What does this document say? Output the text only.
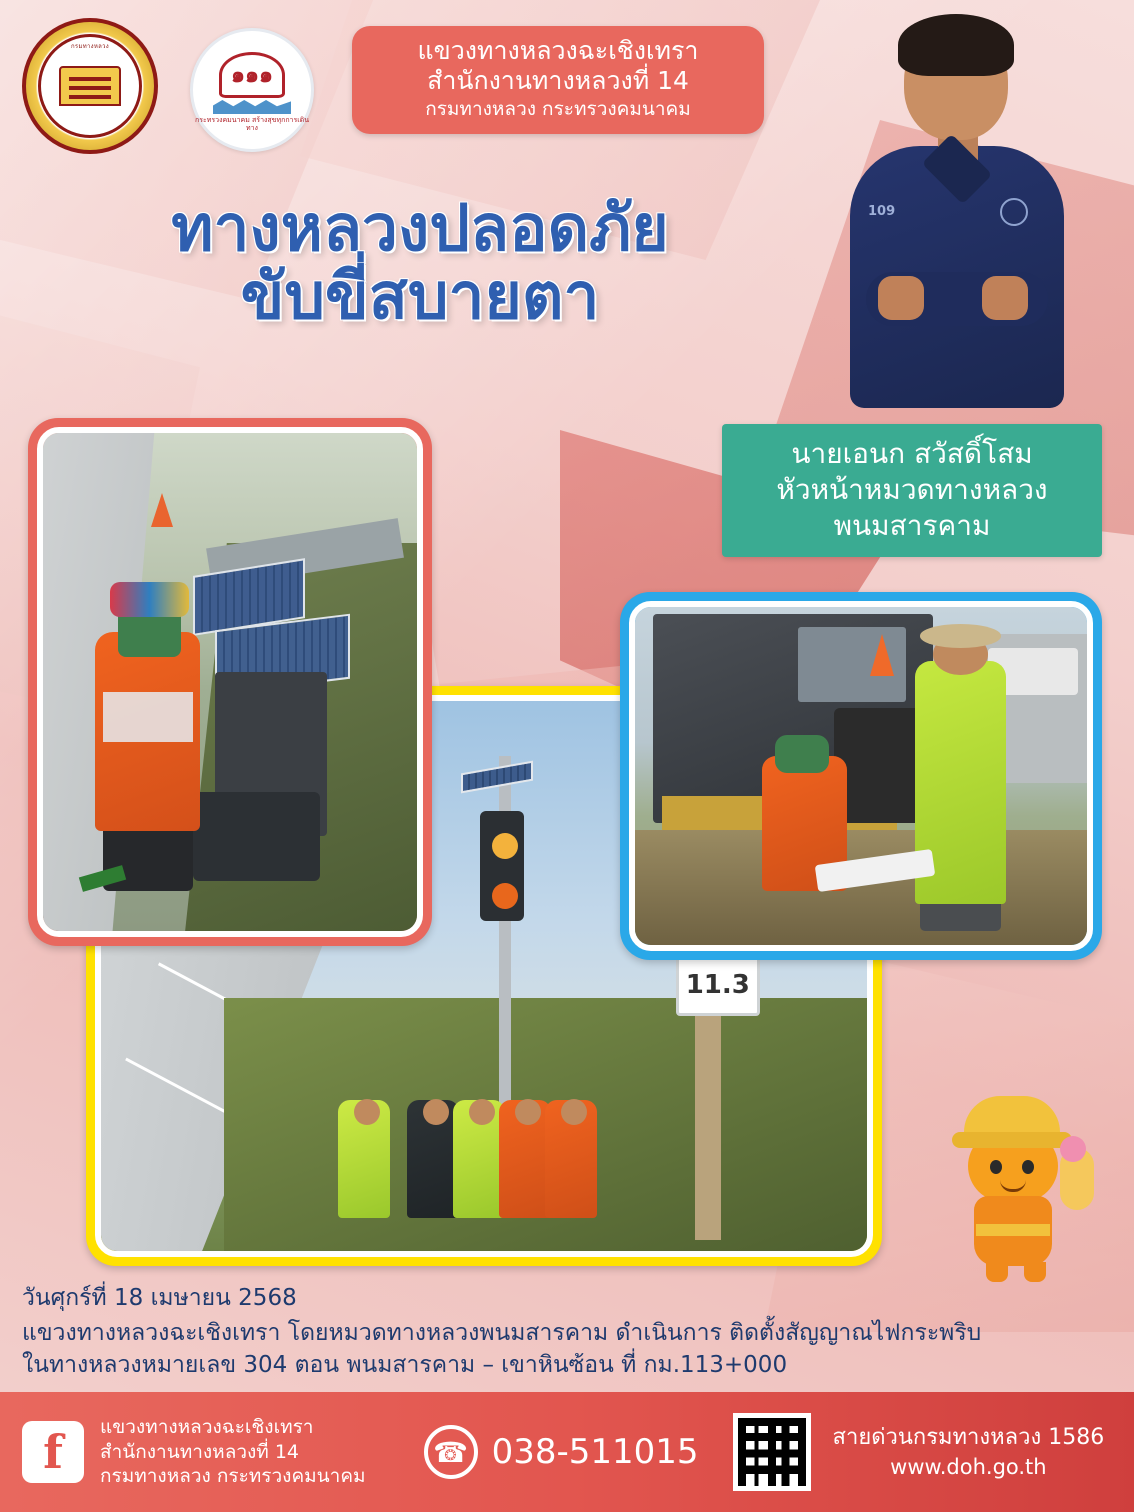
กรมทางหลวง
๑๑๑
กระทรวงคมนาคม สร้างสุขทุกการเดินทาง
แขวงทางหลวงฉะเชิงเทรา
สำนักงานทางหลวงที่ 14
กรมทางหลวง กระทรวงคมนาคม
ทางหลวงปลอดภัย
ขับขี่สบายตา
109
นายเอนก สวัสดิ์โสม
หัวหน้าหมวดทางหลวง
พนมสารคาม
11.3
วันศุกร์ที่ 18 เมษายน 2568
แขวงทางหลวงฉะเชิงเทรา โดยหมวดทางหลวงพนมสารคาม ดำเนินการ ติดตั้งสัญญาณไฟกระพริบ
ในทางหลวงหมายเลข 304 ตอน พนมสารคาม – เขาหินซ้อน ที่ กม.113+000
f	แขวงทางหลวงฉะเชิงเทรา
สำนักงานทางหลวงที่ 14
กรมทางหลวง กระทรวงคมนาคม
☎ 038-511015	สายด่วนกรมทางหลวง 1586
www.doh.go.th
